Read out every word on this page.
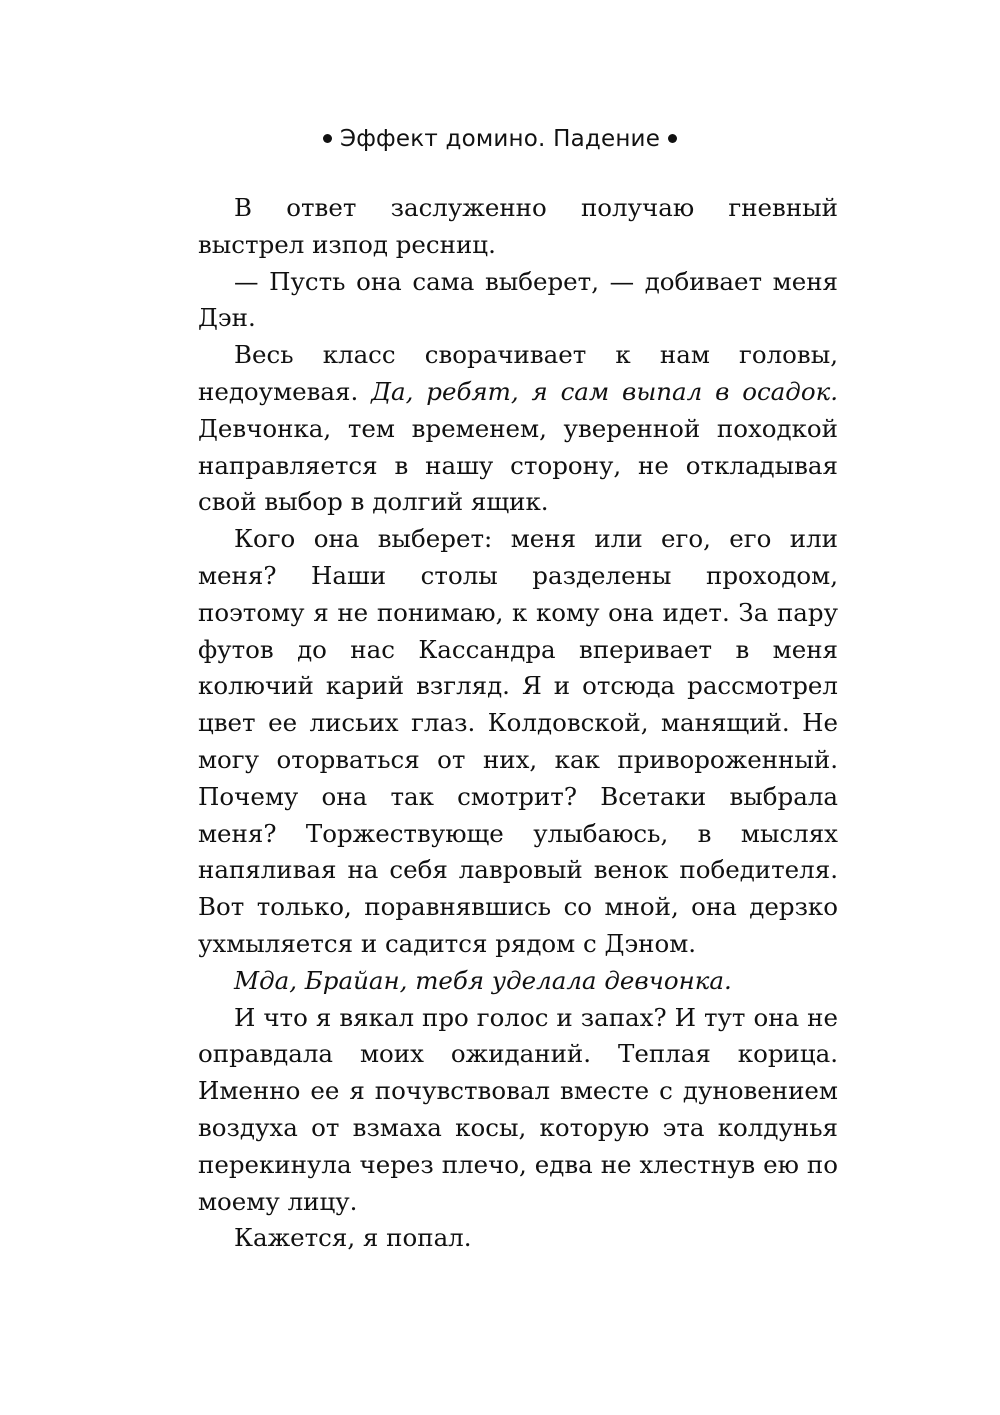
Эффект домино. Падение

В ответ заслуженно получаю гневный выстрел изпод ресниц.

— Пусть она сама выберет, — добивает меня Дэн.

Весь класс сворачивает к нам головы, недоумевая. Да, ребят, я сам выпал в осадок. Девчонка, тем временем, уверенной походкой направляется в нашу сторону, не откладывая свой выбор в долгий ящик.

Кого она выберет: меня или его, его или меня? Наши столы разделены проходом, поэтому я не понимаю, к кому она идет. За пару футов до нас Кассандра вперивает в меня колючий карий взгляд. Я и отсюда рассмотрел цвет ее лисьих глаз. Колдовской, манящий. Не могу оторваться от них, как привороженный. Почему она так смотрит? Всетаки выбрала меня? Торжествующе улыбаюсь, в мыслях напяливая на себя лавровый венок победителя. Вот только, поравнявшись со мной, она дерзко ухмыляется и садится рядом с Дэном.

Мда, Брайан, тебя уделала девчонка.

И что я вякал про голос и запах? И тут она не оправдала моих ожиданий. Теплая корица. Именно ее я почувствовал вместе с дуновением воздуха от взмаха косы, которую эта колдунья перекинула через плечо, едва не хлестнув ею по моему лицу.

Кажется, я попал.
